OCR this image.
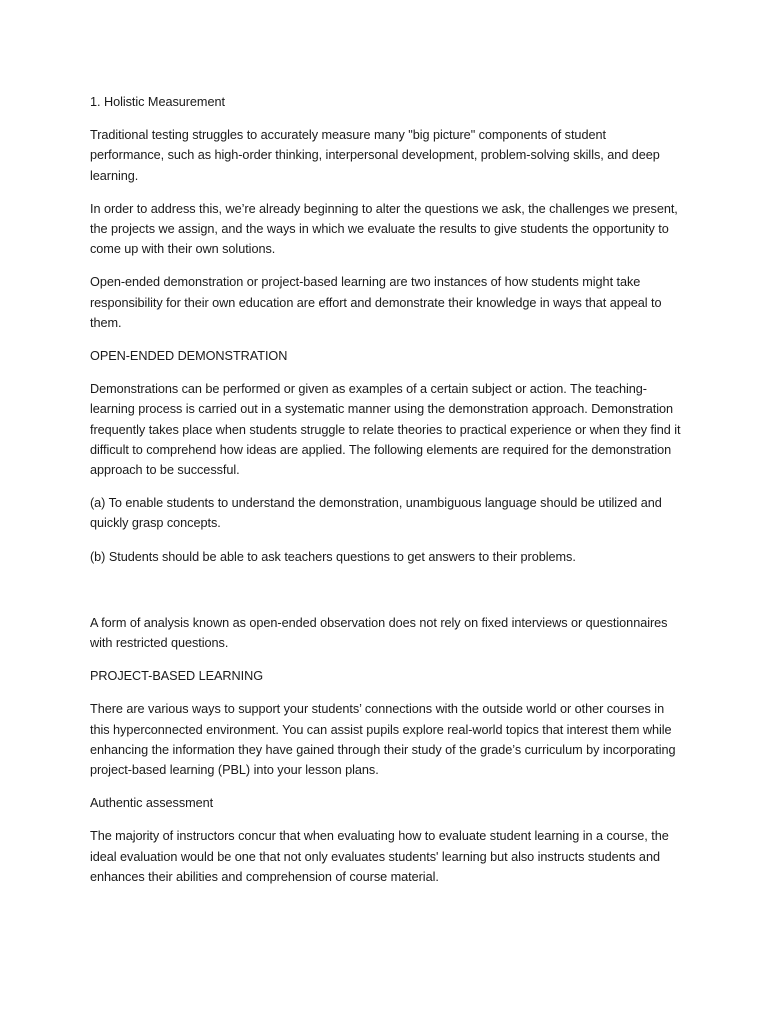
1. Holistic Measurement

Traditional testing struggles to accurately measure many "big picture" components of student performance, such as high-order thinking, interpersonal development, problem-solving skills, and deep learning.

In order to address this, we’re already beginning to alter the questions we ask, the challenges we present, the projects we assign, and the ways in which we evaluate the results to give students the opportunity to come up with their own solutions.

Open-ended demonstration or project-based learning are two instances of how students might take responsibility for their own education are effort and demonstrate their knowledge in ways that appeal to them.

OPEN-ENDED DEMONSTRATION

Demonstrations can be performed or given as examples of a certain subject or action. The teaching-learning process is carried out in a systematic manner using the demonstration approach. Demonstration frequently takes place when students struggle to relate theories to practical experience or when they find it difficult to comprehend how ideas are applied. The following elements are required for the demonstration approach to be successful.

(a) To enable students to understand the demonstration, unambiguous language should be utilized and quickly grasp concepts.

(b) Students should be able to ask teachers questions to get answers to their problems.

A form of analysis known as open-ended observation does not rely on fixed interviews or questionnaires with restricted questions.

PROJECT-BASED LEARNING

There are various ways to support your students’ connections with the outside world or other courses in this hyperconnected environment. You can assist pupils explore real-world topics that interest them while enhancing the information they have gained through their study of the grade’s curriculum by incorporating project-based learning (PBL) into your lesson plans.

Authentic assessment

The majority of instructors concur that when evaluating how to evaluate student learning in a course, the ideal evaluation would be one that not only evaluates students' learning but also instructs students and enhances their abilities and comprehension of course material.
